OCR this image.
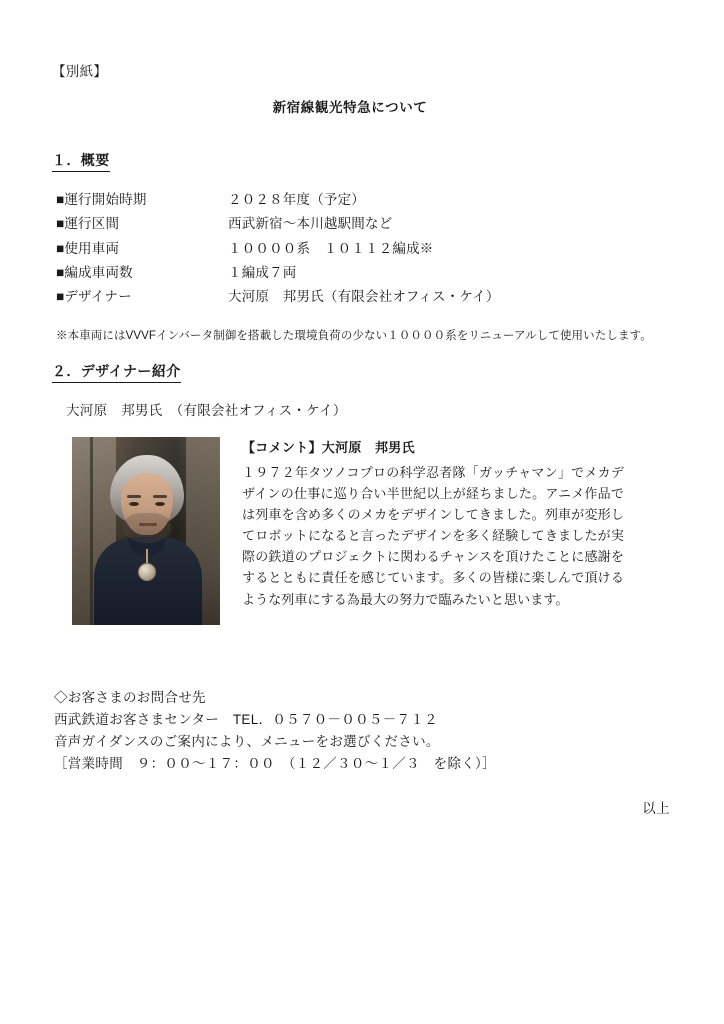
【別紙】
新宿線観光特急について
１．概要
■運行開始時期	２０２８年度（予定）
■運行区間	西武新宿〜本川越駅間など
■使用車両	１００００系　１０１１２編成※
■編成車両数	１編成７両
■デザイナー	大河原　邦男氏（有限会社オフィス・ケイ）

※本車両にはVVVFインバータ制御を搭載した環境負荷の少ない１００００系をリニューアルして使用いたします。

２．デザイナー紹介
大河原　邦男氏　（有限会社オフィス・ケイ）

【コメント】大河原　邦男氏

１９７２年タツノコプロの科学忍者隊「ガッチャマン」でメカデザインの仕事に巡り合い半世紀以上が経ちました。アニメ作品では列車を含め多くのメカをデザインしてきました。列車が変形してロボットになると言ったデザインを多く経験してきましたが実際の鉄道のプロジェクトに関わるチャンスを頂けたことに感謝をするとともに責任を感じています。多くの皆様に楽しんで頂けるような列車にする為最大の努力で臨みたいと思います。

◇お客さまのお問合せ先

西武鉄道お客さまセンター　TEL．０５７０－００５－７１２

音声ガイダンスのご案内により、メニューをお選びください。

［営業時間　９：００〜１７：００　（１２／３０〜１／３　を除く）］

以上
